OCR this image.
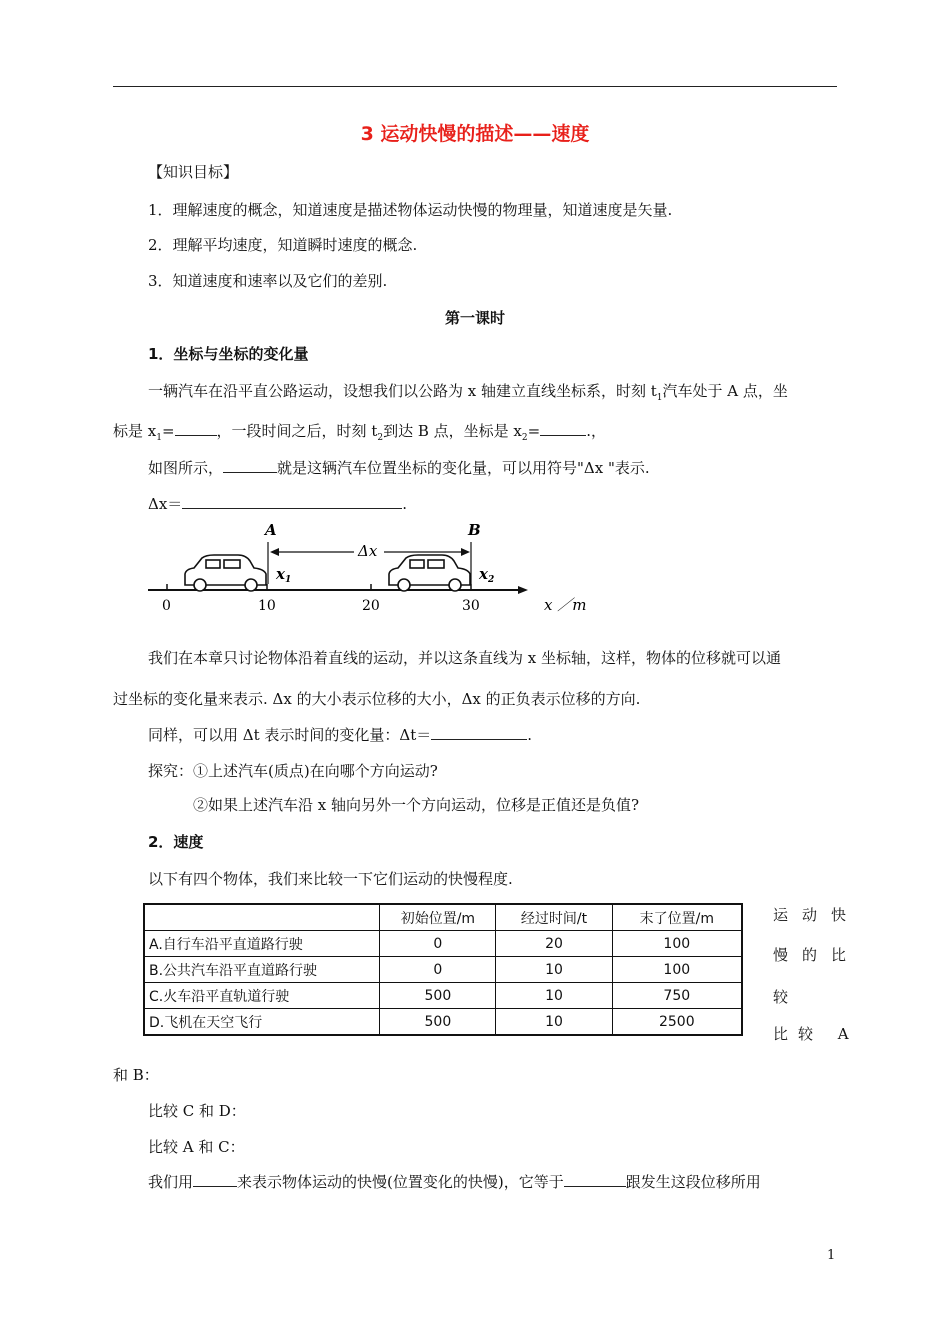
3 运动快慢的描述——速度
【知识目标】
1．理解速度的概念，知道速度是描述物体运动快慢的物理量，知道速度是矢量.
2．理解平均速度，知道瞬时速度的概念.
3．知道速度和速率以及它们的差别.
第一课时
1．坐标与坐标的变化量
一辆汽车在沿平直公路运动，设想我们以公路为 x 轴建立直线坐标系，时刻 $t_1$汽车处于 A 点，坐
标是 $x_1=$	，一段时间之后，时刻 $t_2$到达 B 点，坐标是 $x_2=$	.，
如图所示，	就是这辆汽车位置坐标的变化量，可以用符号"Δx "表示.
Δx＝	.
0	10	20	30	x ／m
A	B
Δx
$x_1$	$x_2$
我们在本章只讨论物体沿着直线的运动，并以这条直线为 x 坐标轴，这样，物体的位移就可以通
过坐标的变化量来表示. Δx 的大小表示位移的大小，Δx 的正负表示位移的方向.
同样，可以用 Δt 表示时间的变化量：Δt＝	.
探究：①上述汽车(质点)在向哪个方向运动?
②如果上述汽车沿 x 轴向另外一个方向运动，位移是正值还是负值?
2．速度
以下有四个物体，我们来比较一下它们运动的快慢程度.
	初始位置/m	经过时间/t	末了位置/m
A.自行车沿平直道路行驶	0	20	100
B.公共汽车沿平直道路行驶	0	10	100
C.火车沿平直轨道行驶	500	10	750
D.飞机在天空飞行	500	10	2500
运动快
慢的比
较
比较 A
和 B：
比较 C 和 D：
比较 A 和 C：
我们用	来表示物体运动的快慢(位置变化的快慢)，它等于	跟发生这段位移所用
1
